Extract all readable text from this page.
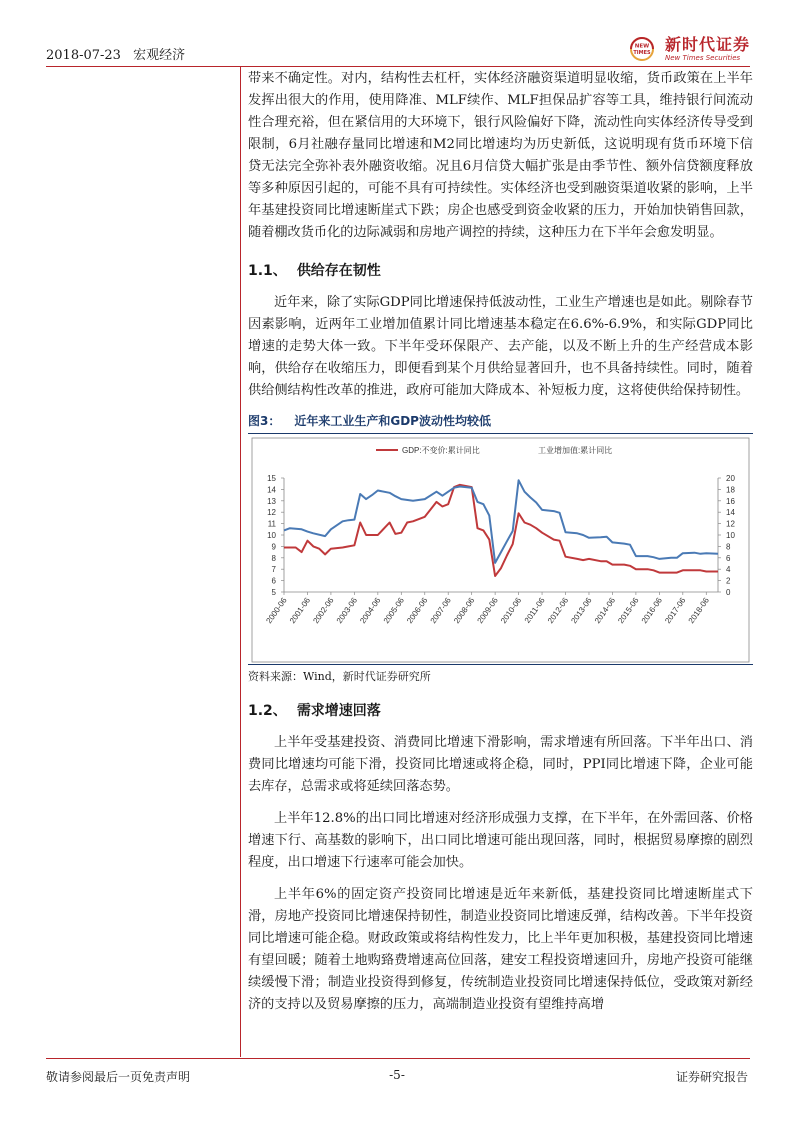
2018-07-23 宏观经济
NEW
TIMES 新时代证券
New Times Securities

带来不确定性。对内，结构性去杠杆，实体经济融资渠道明显收缩，货币政策在上半年发挥出很大的作用，使用降准、MLF续作、MLF担保品扩容等工具，维持银行间流动性合理充裕，但在紧信用的大环境下，银行风险偏好下降，流动性向实体经济传导受到限制，6月社融存量同比增速和M2同比增速均为历史新低，这说明现有货币环境下信贷无法完全弥补表外融资收缩。况且6月信贷大幅扩张是由季节性、额外信贷额度释放等多种原因引起的，可能不具有可持续性。实体经济也受到融资渠道收紧的影响，上半年基建投资同比增速断崖式下跌；房企也感受到资金收紧的压力，开始加快销售回款，随着棚改货币化的边际减弱和房地产调控的持续，这种压力在下半年会愈发明显。

1.1、 供给存在韧性

近年来，除了实际GDP同比增速保持低波动性，工业生产增速也是如此。剔除春节因素影响，近两年工业增加值累计同比增速基本稳定在6.6%-6.9%，和实际GDP同比增速的走势大体一致。下半年受环保限产、去产能，以及不断上升的生产经营成本影响，供给存在收缩压力，即便看到某个月供给显著回升，也不具备持续性。同时，随着供给侧结构性改革的推进，政府可能加大降成本、补短板力度，这将使供给保持韧性。

图3： 近年来工业生产和GDP波动性均较低
5
6
7
8
9
10
11
12
13
14
15
0
2
4
6
8
10
12
14
16
18
20
2000-06 2001-06 2002-06 2003-06 2004-06 2005-06 2006-06 2007-06 2008-06 2009-06 2010-06 2011-06 2012-06 2013-06 2014-06 2015-06 2016-06 2017-06 2018-06
GDP:不变价:累计同比	工业增加值:累计同比
资料来源：Wind，新时代证券研究所
1.2、 需求增速回落

上半年受基建投资、消费同比增速下滑影响，需求增速有所回落。下半年出口、消费同比增速均可能下滑，投资同比增速或将企稳，同时，PPI同比增速下降，企业可能去库存，总需求或将延续回落态势。

上半年12.8%的出口同比增速对经济形成强力支撑，在下半年，在外需回落、价格增速下行、高基数的影响下，出口同比增速可能出现回落，同时，根据贸易摩擦的剧烈程度，出口增速下行速率可能会加快。

上半年6%的固定资产投资同比增速是近年来新低，基建投资同比增速断崖式下滑，房地产投资同比增速保持韧性，制造业投资同比增速反弹，结构改善。下半年投资同比增速可能企稳。财政政策或将结构性发力，比上半年更加积极，基建投资同比增速有望回暖；随着土地购臵费增速高位回落，建安工程投资增速回升，房地产投资可能继续缓慢下滑；制造业投资得到修复，传统制造业投资同比增速保持低位，受政策对新经济的支持以及贸易摩擦的压力，高端制造业投资有望维持高增

敬请参阅最后一页免责声明	-5-	证券研究报告
